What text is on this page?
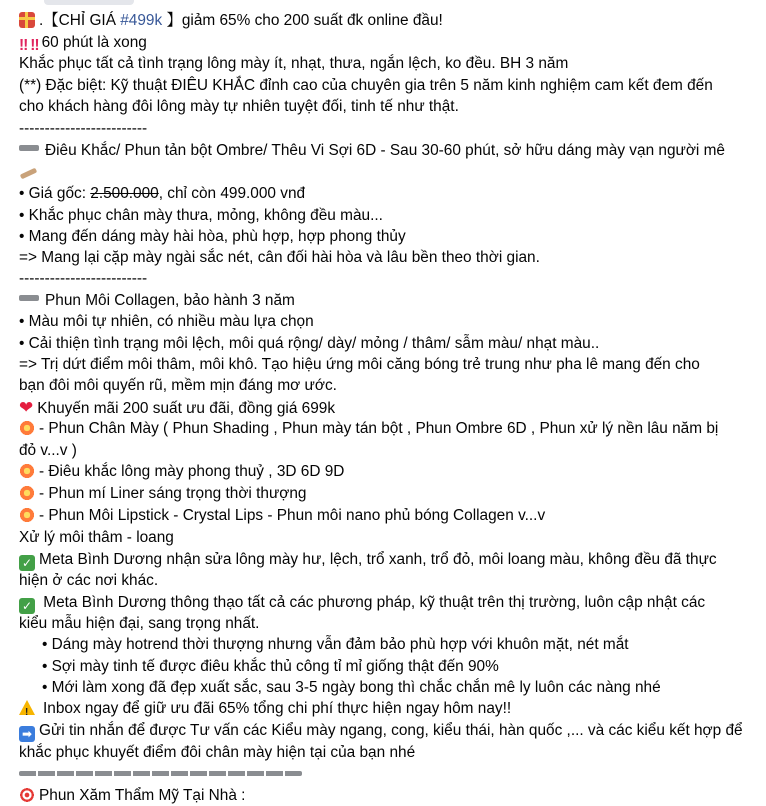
.【CHỈ GIÁ #499k 】giảm 65% cho 200 suất đk online đầu!
‼ ‼ 60 phút là xong
Khắc phục tất cả tình trạng lông mày ít, nhạt, thưa, ngắn lệch, ko đều. BH 3 năm
(**) Đặc biệt: Kỹ thuật ĐIÊU KHẮC đỉnh cao của chuyên gia trên 5 năm kinh nghiệm cam kết đem đến
cho khách hàng đôi lông mày tự nhiên tuyệt đối, tinh tế như thật.
-------------------------
Điêu Khắc/ Phun tản bột Ombre/ Thêu Vi Sợi 6D - Sau 30-60 phút, sở hữu dáng mày vạn người mê
• Giá gốc: 2.500.000, chỉ còn 499.000 vnđ
• Khắc phục chân mày thưa, mỏng, không đều màu...
• Mang đến dáng mày hài hòa, phù hợp, hợp phong thủy
=> Mang lại cặp mày ngài sắc nét, cân đối hài hòa và lâu bền theo thời gian.
-------------------------
Phun Môi Collagen, bảo hành 3 năm
• Màu môi tự nhiên, có nhiều màu lựa chọn
• Cải thiện tình trạng môi lệch, môi quá rộng/ dày/ mỏng / thâm/ sẫm màu/ nhạt màu..
=> Trị dứt điểm môi thâm, môi khô. Tạo hiệu ứng môi căng bóng trẻ trung như pha lê mang đến cho
bạn đôi môi quyến rũ, mềm mịn đáng mơ ước.
❤ Khuyến mãi 200 suất ưu đãi, đồng giá 699k
- Phun Chân Mày ( Phun Shading , Phun mày tán bột , Phun Ombre 6D , Phun xử lý nền lâu năm bị
đỏ v...v )
- Điêu khắc lông mày phong thuỷ , 3D 6D 9D
- Phun mí Liner sáng trọng thời thượng
- Phun Môi Lipstick - Crystal Lips - Phun môi nano phủ bóng Collagen v...v
Xử lý môi thâm - loang
✓ Meta Bình Dương nhận sửa lông mày hư, lệch, trổ xanh, trổ đỏ, môi loang màu, không đều đã thực
hiện ở các nơi khác.
✓ Meta Bình Dương thông thạo tất cả các phương pháp, kỹ thuật trên thị trường, luôn cập nhật các
kiểu mẫu hiện đại, sang trọng nhất.
• Dáng mày hotrend thời thượng nhưng vẫn đảm bảo phù hợp với khuôn mặt, nét mắt
• Sợi mày tinh tế được điêu khắc thủ công tỉ mỉ giống thật đến 90%
• Mới làm xong đã đẹp xuất sắc, sau 3-5 ngày bong thì chắc chắn mê ly luôn các nàng nhé
!Inbox ngay để giữ ưu đãi 65% tổng chi phí thực hiện ngay hôm nay!!
➡ Gửi tin nhắn để được Tư vấn các Kiểu mày ngang, cong, kiểu thái, hàn quốc ,... và các kiểu kết hợp để
khắc phục khuyết điểm đôi chân mày hiện tại của bạn nhé
Phun Xăm Thẩm Mỹ Tại Nhà :
